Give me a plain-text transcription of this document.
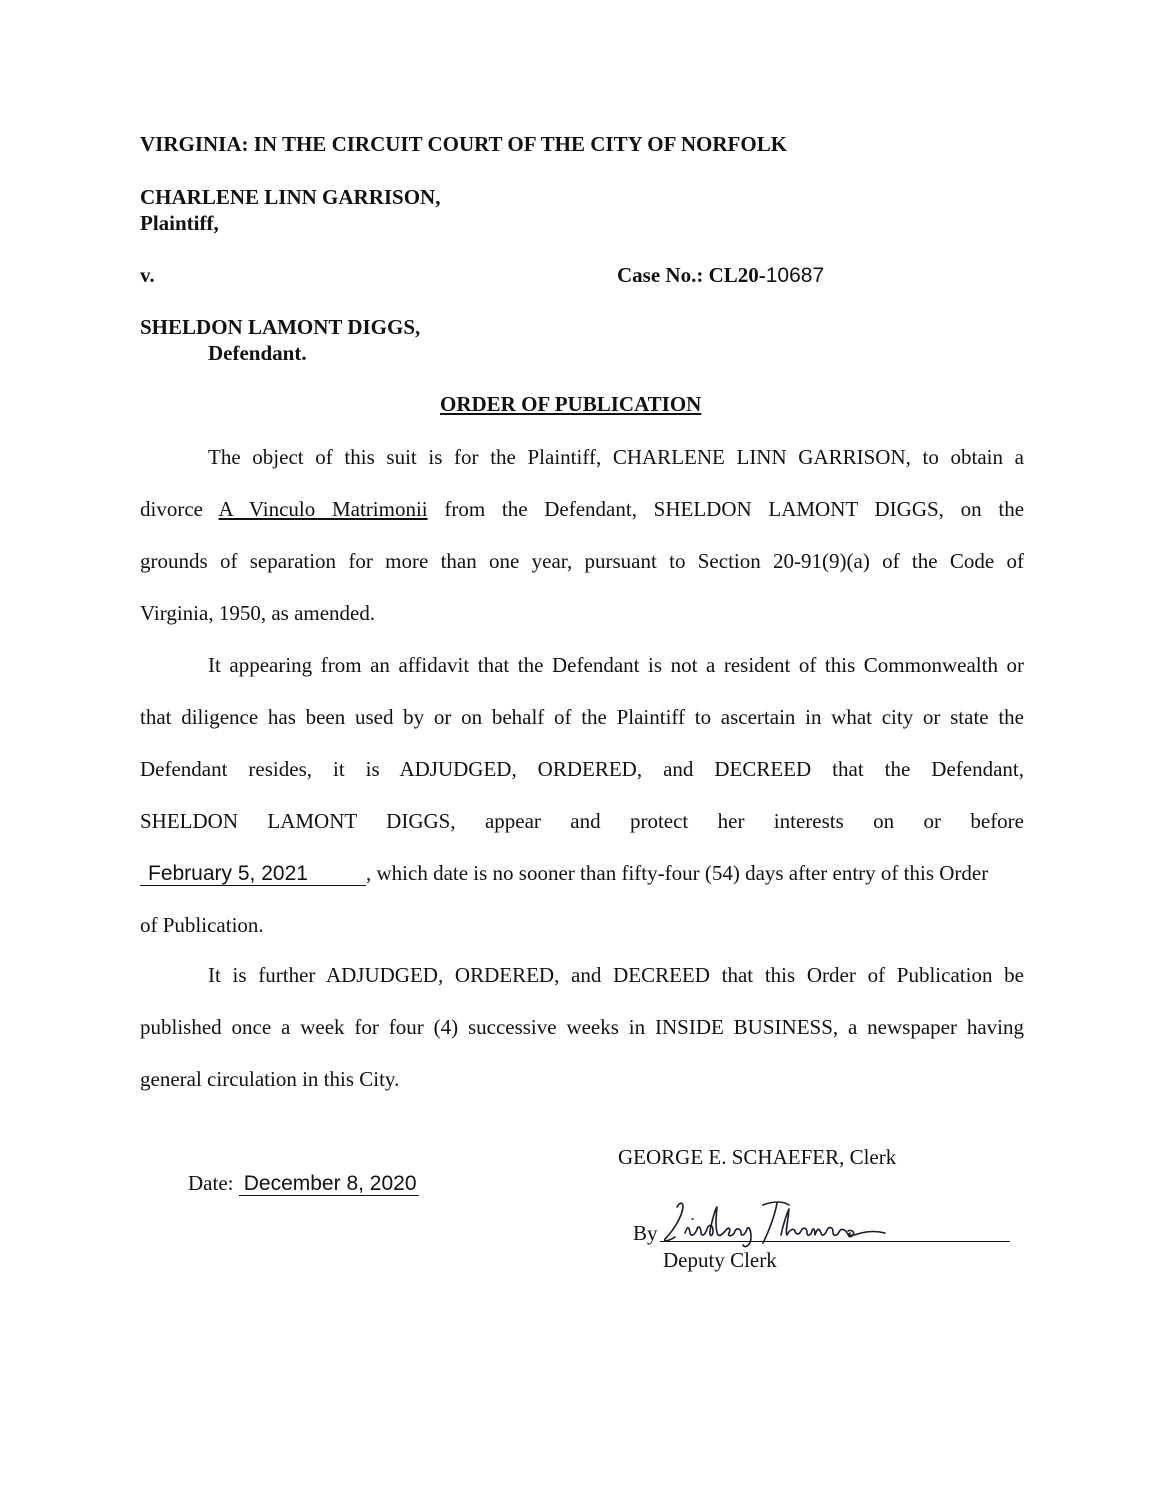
VIRGINIA: IN THE CIRCUIT COURT OF THE CITY OF NORFOLK
CHARLENE LINN GARRISON,
Plaintiff,
v.	Case No.: CL20-10687
SHELDON LAMONT DIGGS,
Defendant.
ORDER OF PUBLICATION
The object of this suit is for the Plaintiff, CHARLENE LINN GARRISON, to obtain a
divorce A Vinculo Matrimonii from the Defendant, SHELDON LAMONT DIGGS, on the
grounds of separation for more than one year, pursuant to Section 20-91(9)(a) of the Code of
Virginia, 1950, as amended.
It appearing from an affidavit that the Defendant is not a resident of this Commonwealth or
that diligence has been used by or on behalf of the Plaintiff to ascertain in what city or state the
Defendant resides, it is ADJUDGED, ORDERED, and DECREED that the Defendant,
SHELDON LAMONT DIGGS, appear and protect her interests on or before
February 5, 2021	, which date is no sooner than fifty-four (54) days after entry of this Order
of Publication.
It is further ADJUDGED, ORDERED, and DECREED that this Order of Publication be
published once a week for four (4) successive weeks in INSIDE BUSINESS, a newspaper having
general circulation in this City.
GEORGE E. SCHAEFER, Clerk
Date: December 8, 2020
By
Deputy Clerk
